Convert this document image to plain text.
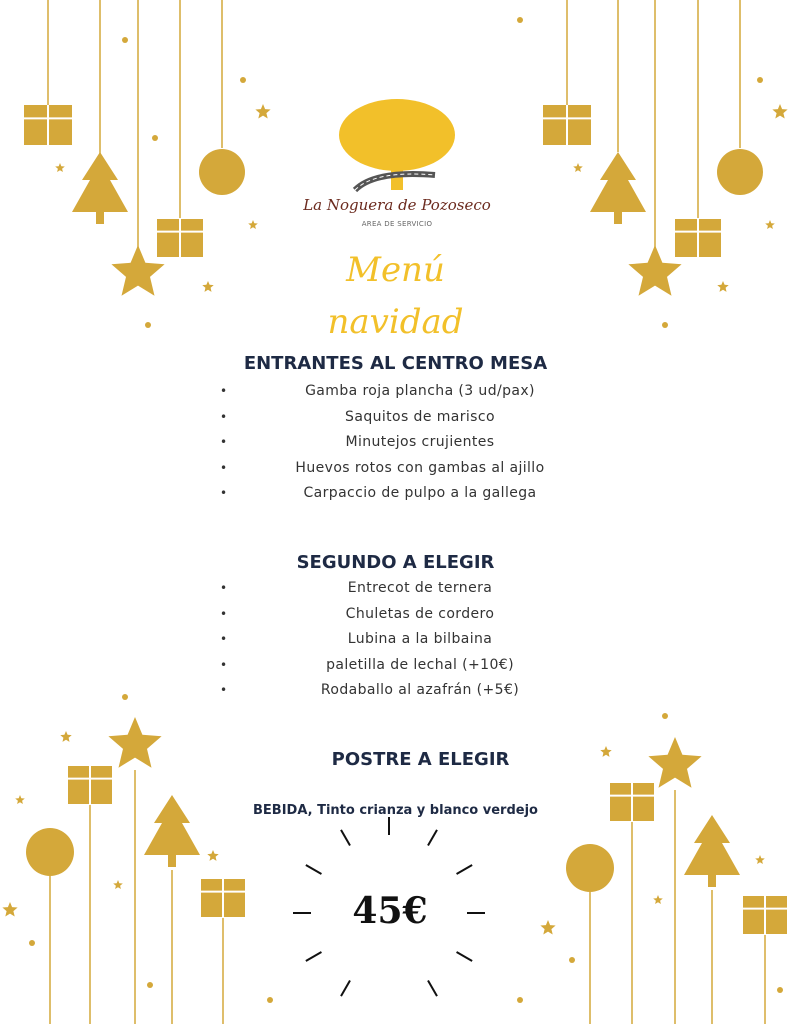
La Noguera de Pozoseco
AREA DE SERVICIO
Menú
navidad
ENTRANTES AL CENTRO MESA
•	Gamba roja plancha (3 ud/pax)
•	Saquitos de marisco
•	Minutejos crujientes
•	Huevos rotos con gambas al ajillo
•	Carpaccio de pulpo a la gallega
SEGUNDO A ELEGIR
•	Entrecot de ternera
•	Chuletas de cordero
•	Lubina a la bilbaina
•	paletilla de lechal (+10€)
•	Rodaballo al azafrán (+5€)
POSTRE A ELEGIR
BEBIDA, Tinto crianza y blanco verdejo
45€
